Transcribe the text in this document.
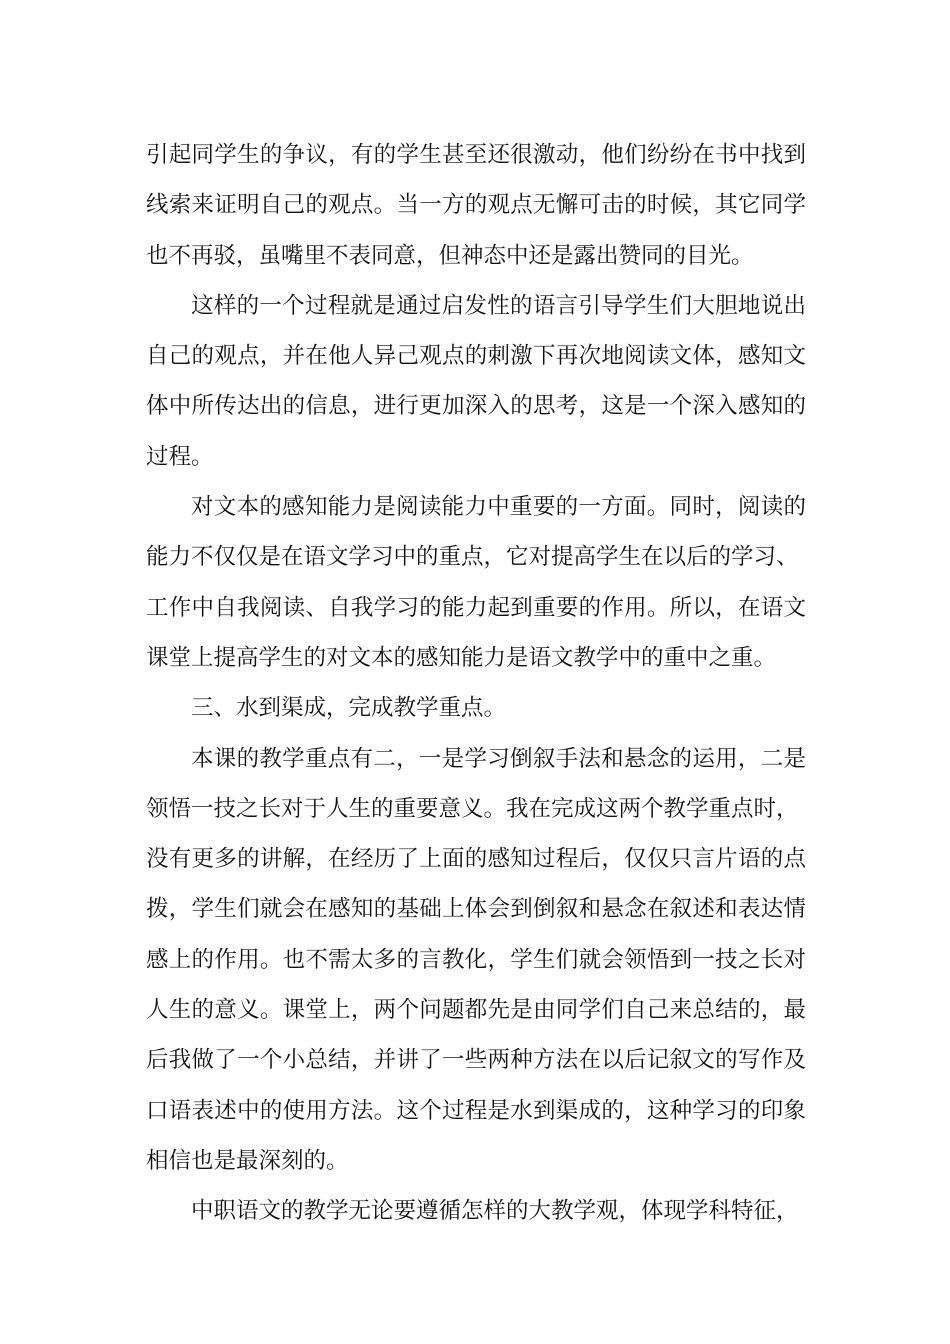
引起同学生的争议，有的学生甚至还很激动，他们纷纷在书中找到
线索来证明自己的观点。当一方的观点无懈可击的时候，其它同学
也不再驳，虽嘴里不表同意，但神态中还是露出赞同的目光。
这样的一个过程就是通过启发性的语言引导学生们大胆地说出
自己的观点，并在他人异己观点的刺激下再次地阅读文体，感知文
体中所传达出的信息，进行更加深入的思考，这是一个深入感知的
过程。
对文本的感知能力是阅读能力中重要的一方面。同时，阅读的
能力不仅仅是在语文学习中的重点，它对提高学生在以后的学习、
工作中自我阅读、自我学习的能力起到重要的作用。所以，在语文
课堂上提高学生的对文本的感知能力是语文教学中的重中之重。
三、水到渠成，完成教学重点。
本课的教学重点有二，一是学习倒叙手法和悬念的运用，二是
领悟一技之长对于人生的重要意义。我在完成这两个教学重点时，
没有更多的讲解，在经历了上面的感知过程后，仅仅只言片语的点
拨，学生们就会在感知的基础上体会到倒叙和悬念在叙述和表达情
感上的作用。也不需太多的言教化，学生们就会领悟到一技之长对
人生的意义。课堂上，两个问题都先是由同学们自己来总结的，最
后我做了一个小总结，并讲了一些两种方法在以后记叙文的写作及
口语表述中的使用方法。这个过程是水到渠成的，这种学习的印象
相信也是最深刻的。
中职语文的教学无论要遵循怎样的大教学观，体现学科特征，
